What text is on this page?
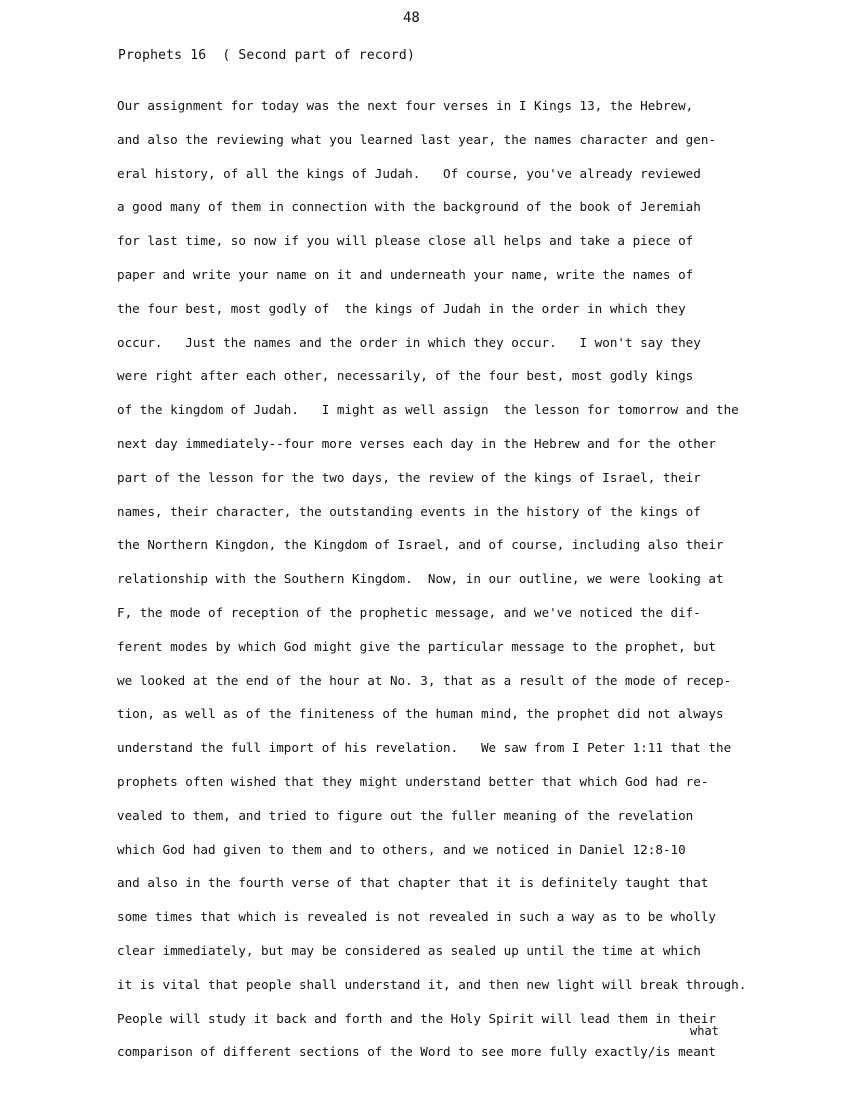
48
Prophets 16  ( Second part of record)
Our assignment for today was the next four verses in I Kings 13, the Hebrew,
and also the reviewing what you learned last year, the names character and gen-
eral history, of all the kings of Judah.   Of course, you've already reviewed
a good many of them in connection with the background of the book of Jeremiah
for last time, so now if you will please close all helps and take a piece of
paper and write your name on it and underneath your name, write the names of
the four best, most godly of  the kings of Judah in the order in which they
occur.   Just the names and the order in which they occur.   I won't say they
were right after each other, necessarily, of the four best, most godly kings
of the kingdom of Judah.   I might as well assign  the lesson for tomorrow and the
next day immediately--four more verses each day in the Hebrew and for the other
part of the lesson for the two days, the review of the kings of Israel, their
names, their character, the outstanding events in the history of the kings of
the Northern Kingdon, the Kingdom of Israel, and of course, including also their
relationship with the Southern Kingdom.  Now, in our outline, we were looking at
F, the mode of reception of the prophetic message, and we've noticed the dif-
ferent modes by which God might give the particular message to the prophet, but
we looked at the end of the hour at No. 3, that as a result of the mode of recep-
tion, as well as of the finiteness of the human mind, the prophet did not always
understand the full import of his revelation.   We saw from I Peter 1:11 that the
prophets often wished that they might understand better that which God had re-
vealed to them, and tried to figure out the fuller meaning of the revelation
which God had given to them and to others, and we noticed in Daniel 12:8-10
and also in the fourth verse of that chapter that it is definitely taught that
some times that which is revealed is not revealed in such a way as to be wholly
clear immediately, but may be considered as sealed up until the time at which
it is vital that people shall understand it, and then new light will break through.
People will study it back and forth and the Holy Spirit will lead them in their
comparison of different sections of the Word to see more fully exactly/is meant
what
